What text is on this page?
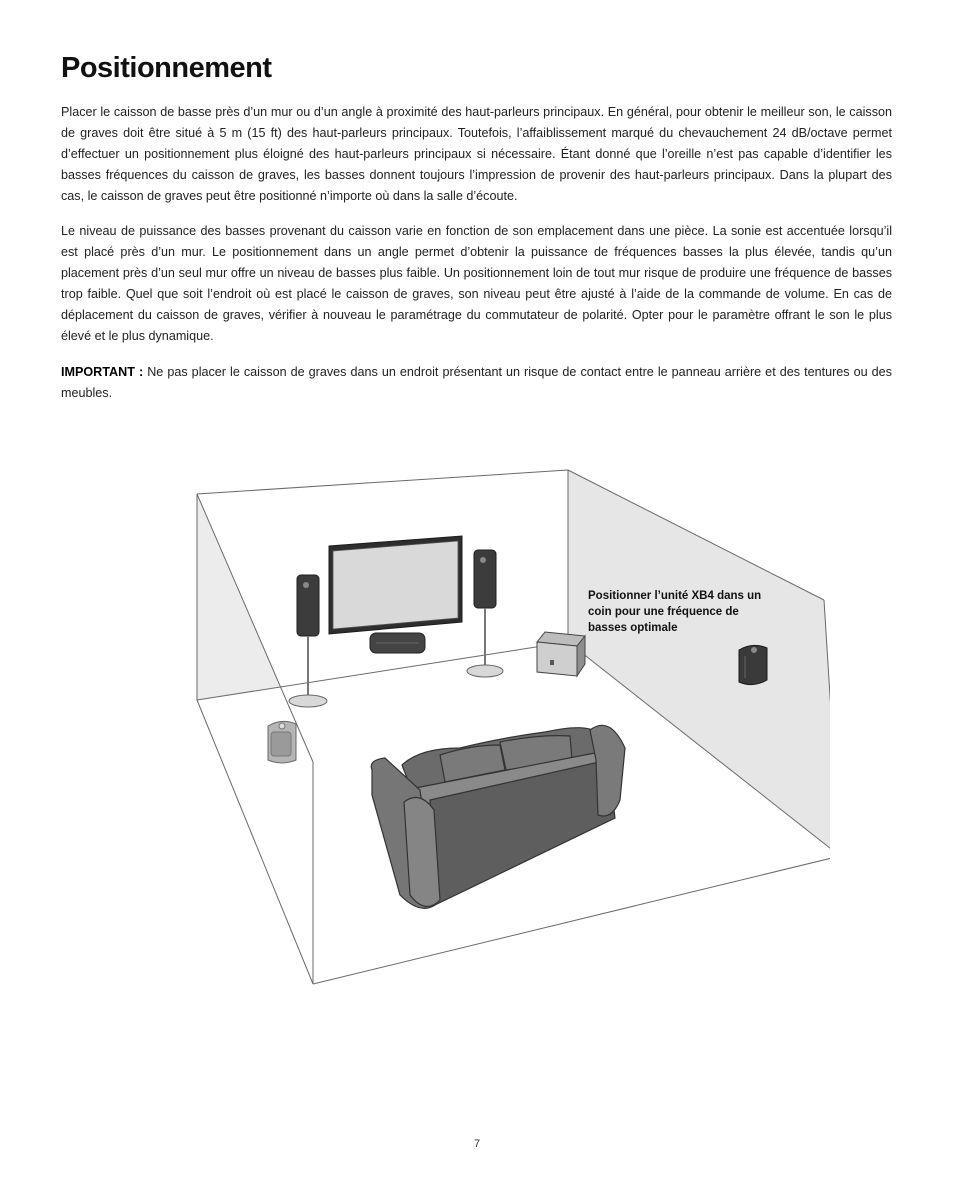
Positionnement

Placer le caisson de basse près d’un mur ou d’un angle à proximité des haut-parleurs principaux. En général, pour obtenir le meilleur son, le caisson de graves doit être situé à 5 m (15 ft) des haut-parleurs principaux. Toutefois, l’affaiblissement marqué du chevauchement 24 dB/octave permet d’effectuer un positionnement plus éloigné des haut-parleurs principaux si nécessaire. Étant donné que l’oreille n’est pas capable d’identifier les basses fréquences du caisson de graves, les basses donnent toujours l’impression de provenir des haut-parleurs principaux. Dans la plupart des cas, le caisson de graves peut être positionné n’importe où dans la salle d’écoute.

Le niveau de puissance des basses provenant du caisson varie en fonction de son emplacement dans une pièce. La sonie est accentuée lorsqu’il est placé près d’un mur. Le positionnement dans un angle permet d’obtenir la puissance de fréquences basses la plus élevée, tandis qu’un placement près d’un seul mur offre un niveau de basses plus faible. Un positionnement loin de tout mur risque de produire une fréquence de basses trop faible. Quel que soit l’endroit où est placé le caisson de graves, son niveau peut être ajusté à l’aide de la commande de volume. En cas de déplacement du caisson de graves, vérifier à nouveau le paramétrage du commutateur de polarité. Opter pour le paramètre offrant le son le plus élevé et le plus dynamique.

IMPORTANT : Ne pas placer le caisson de graves dans un endroit présentant un risque de contact entre le panneau arrière et des tentures ou des meubles.

Positionner l’unité XB4 dans un coin pour une fréquence de basses optimale

7
